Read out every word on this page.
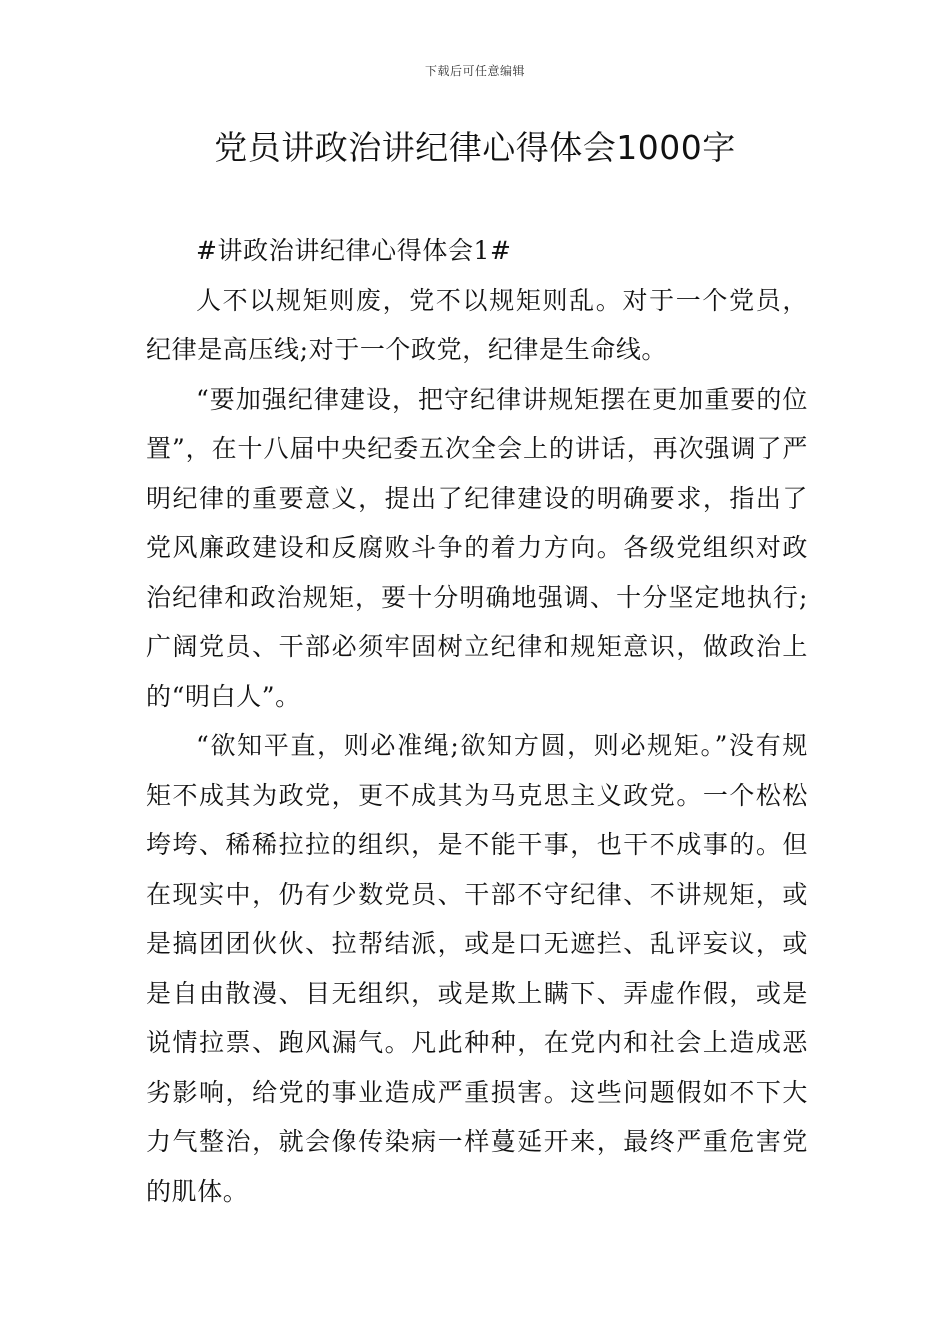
下载后可任意编辑
党员讲政治讲纪律心得体会1000字

#讲政治讲纪律心得体会1#

人不以规矩则废，党不以规矩则乱。对于一个党员，纪律是高压线;对于一个政党，纪律是生命线。

“要加强纪律建设，把守纪律讲规矩摆在更加重要的位置”，在十八届中央纪委五次全会上的讲话，再次强调了严明纪律的重要意义，提出了纪律建设的明确要求，指出了党风廉政建设和反腐败斗争的着力方向。各级党组织对政治纪律和政治规矩，要十分明确地强调、十分坚定地执行;广阔党员、干部必须牢固树立纪律和规矩意识，做政治上的“明白人”。

“欲知平直，则必准绳;欲知方圆，则必规矩。”没有规矩不成其为政党，更不成其为马克思主义政党。一个松松垮垮、稀稀拉拉的组织，是不能干事，也干不成事的。但在现实中，仍有少数党员、干部不守纪律、不讲规矩，或是搞团团伙伙、拉帮结派，或是口无遮拦、乱评妄议，或是自由散漫、目无组织，或是欺上瞒下、弄虚作假，或是说情拉票、跑风漏气。凡此种种，在党内和社会上造成恶劣影响，给党的事业造成严重损害。这些问题假如不下大力气整治，就会像传染病一样蔓延开来，最终严重危害党的肌体。
